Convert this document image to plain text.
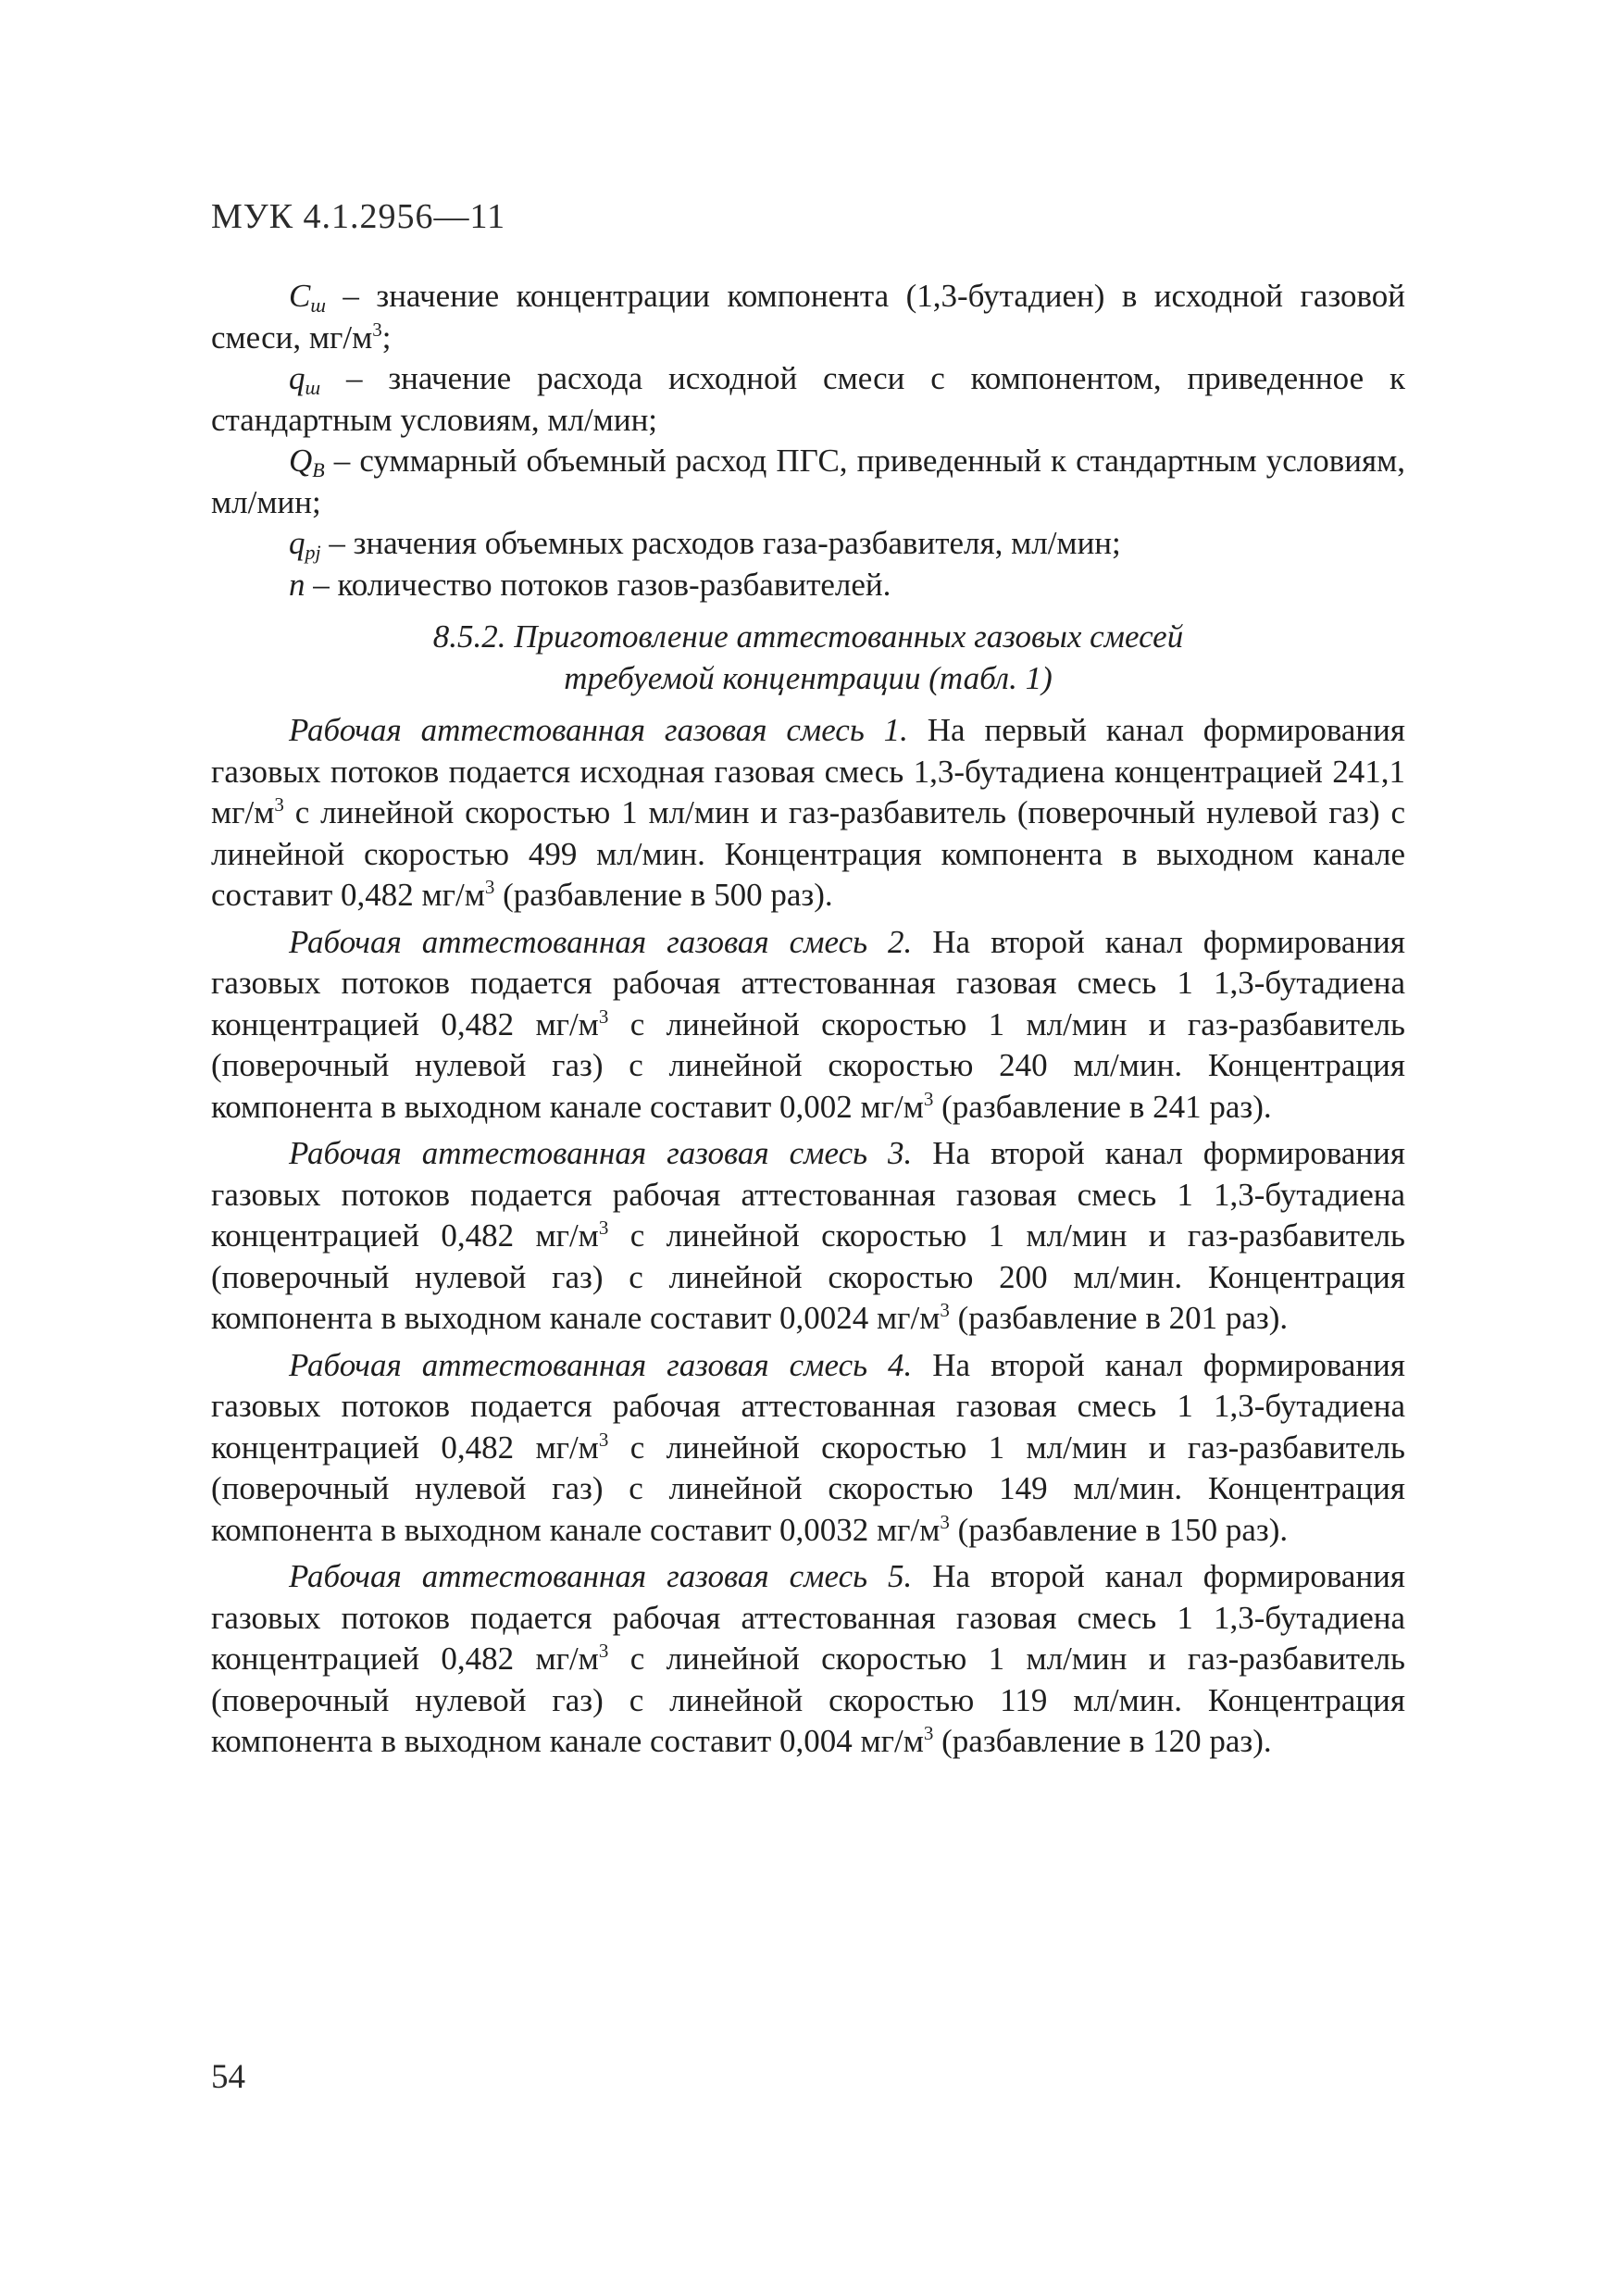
МУК 4.1.2956—11

$C_ш$ – значение концентрации компонента (1,3-бутадиен) в исходной газовой смеси, $мг/м^3$;

$q_ш$ – значение расхода исходной смеси с компонентом, приведенное к стандартным условиям, мл/мин;

$Q_В$ – суммарный объемный расход ПГС, приведенный к стандартным условиям, мл/мин;

$q_{рj}$ – значения объемных расходов газа-разбавителя, мл/мин;

n – количество потоков газов-разбавителей.

8.5.2. Приготовление аттестованных газовых смесей
требуемой концентрации (табл. 1)

Рабочая аттестованная газовая смесь 1. На первый канал формирования газовых потоков подается исходная газовая смесь 1,3-бутадиена концентрацией 241,1 $мг/м^3$ с линейной скоростью 1 мл/мин и газ-разбавитель (поверочный нулевой газ) с линейной скоростью 499 мл/мин. Концентрация компонента в выходном канале составит 0,482 $мг/м^3$ (разбавление в 500 раз).

Рабочая аттестованная газовая смесь 2. На второй канал формирования газовых потоков подается рабочая аттестованная газовая смесь 1 1,3-бутадиена концентрацией 0,482 $мг/м^3$ с линейной скоростью 1 мл/мин и газ-разбавитель (поверочный нулевой газ) с линейной скоростью 240 мл/мин. Концентрация компонента в выходном канале составит 0,002 $мг/м^3$ (разбавление в 241 раз).

Рабочая аттестованная газовая смесь 3. На второй канал формирования газовых потоков подается рабочая аттестованная газовая смесь 1 1,3-бутадиена концентрацией 0,482 $мг/м^3$ с линейной скоростью 1 мл/мин и газ-разбавитель (поверочный нулевой газ) с линейной скоростью 200 мл/мин. Концентрация компонента в выходном канале составит 0,0024 $мг/м^3$ (разбавление в 201 раз).

Рабочая аттестованная газовая смесь 4. На второй канал формирования газовых потоков подается рабочая аттестованная газовая смесь 1 1,3-бутадиена концентрацией 0,482 $мг/м^3$ с линейной скоростью 1 мл/мин и газ-разбавитель (поверочный нулевой газ) с линейной скоростью 149 мл/мин. Концентрация компонента в выходном канале составит 0,0032 $мг/м^3$ (разбавление в 150 раз).

Рабочая аттестованная газовая смесь 5. На второй канал формирования газовых потоков подается рабочая аттестованная газовая смесь 1 1,3-бутадиена концентрацией 0,482 $мг/м^3$ с линейной скоростью 1 мл/мин и газ-разбавитель (поверочный нулевой газ) с линейной скоростью 119 мл/мин. Концентрация компонента в выходном канале составит 0,004 $мг/м^3$ (разбавление в 120 раз).

54
